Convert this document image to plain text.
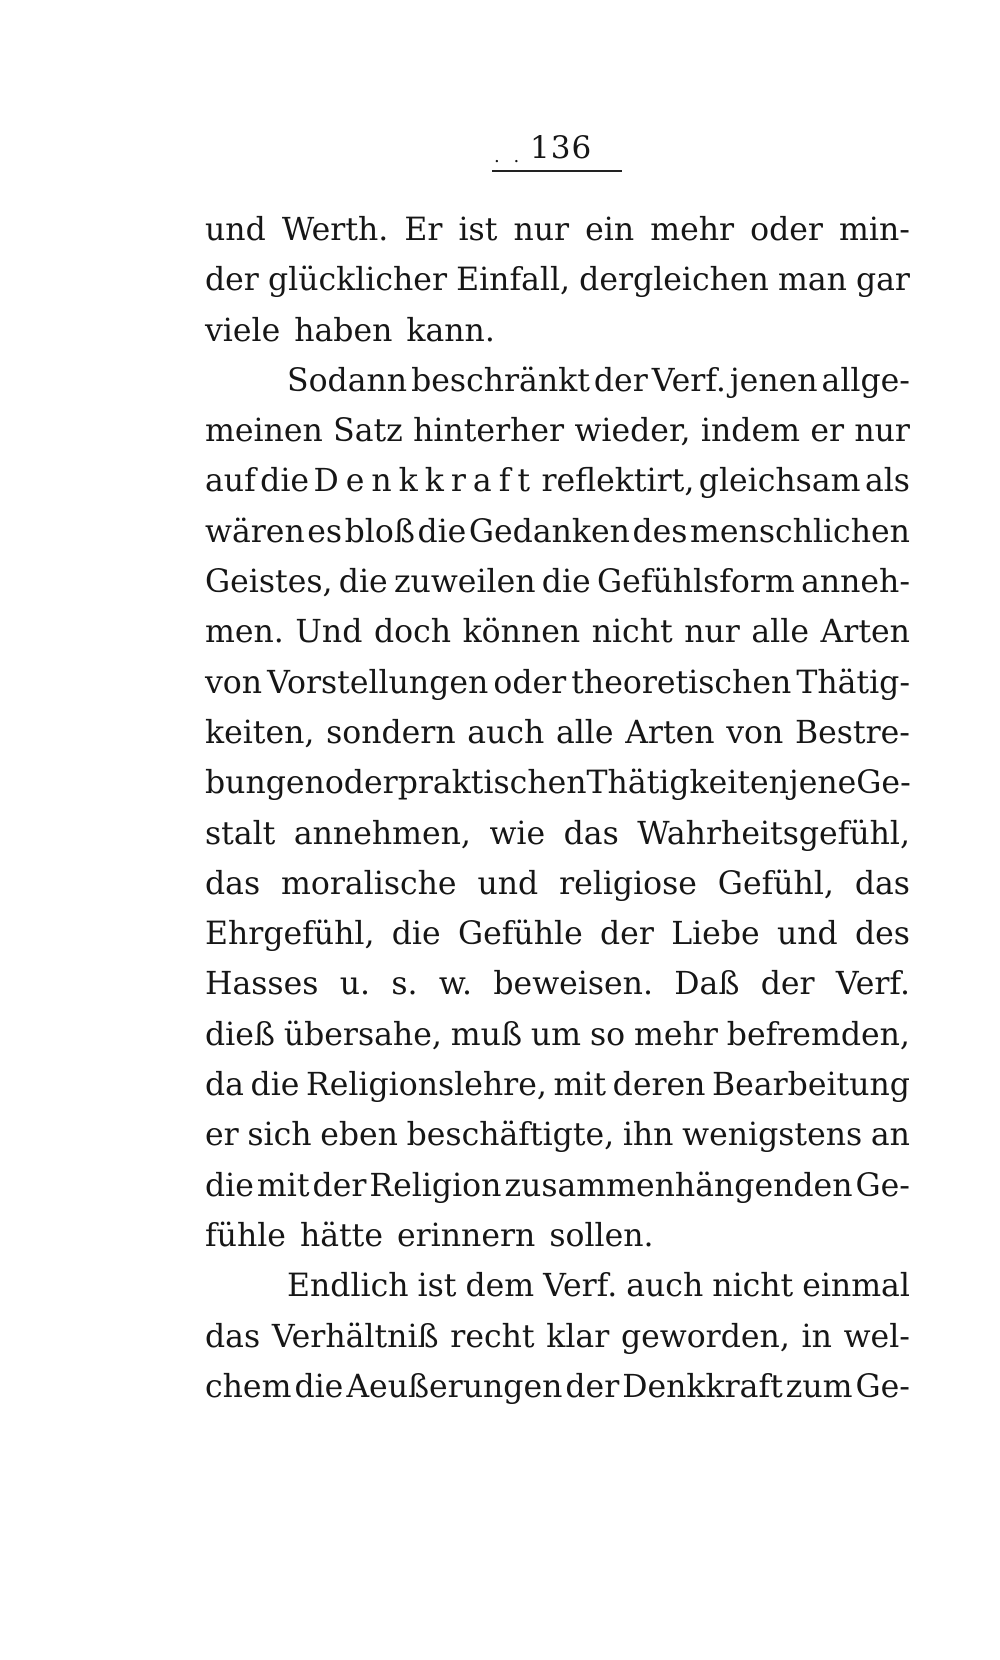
. . 136
und Werth. Er ist nur ein mehr oder min-
der glücklicher Einfall, dergleichen man gar
viele haben kann.
Sodann beschränkt der Verf. jenen allge-
meinen Satz hinterher wieder, indem er nur
auf die Denkkraft reflektirt, gleichsam als
wären es bloß die Gedanken des menschlichen
Geistes, die zuweilen die Gefühlsform anneh-
men. Und doch können nicht nur alle Arten
von Vorstellungen oder theoretischen Thätig-
keiten, sondern auch alle Arten von Bestre-
bungen oder praktischen Thätigkeiten jene Ge-
stalt annehmen, wie das Wahrheitsgefühl,
das moralische und religiose Gefühl, das
Ehrgefühl, die Gefühle der Liebe und des
Hasses u. s. w. beweisen. Daß der Verf.
dieß übersahe, muß um so mehr befremden,
da die Religionslehre, mit deren Bearbeitung
er sich eben beschäftigte, ihn wenigstens an
die mit der Religion zusammenhängenden Ge-
fühle hätte erinnern sollen.
Endlich ist dem Verf. auch nicht einmal
das Verhältniß recht klar geworden, in wel-
chem die Aeußerungen der Denkkraft zum Ge-
